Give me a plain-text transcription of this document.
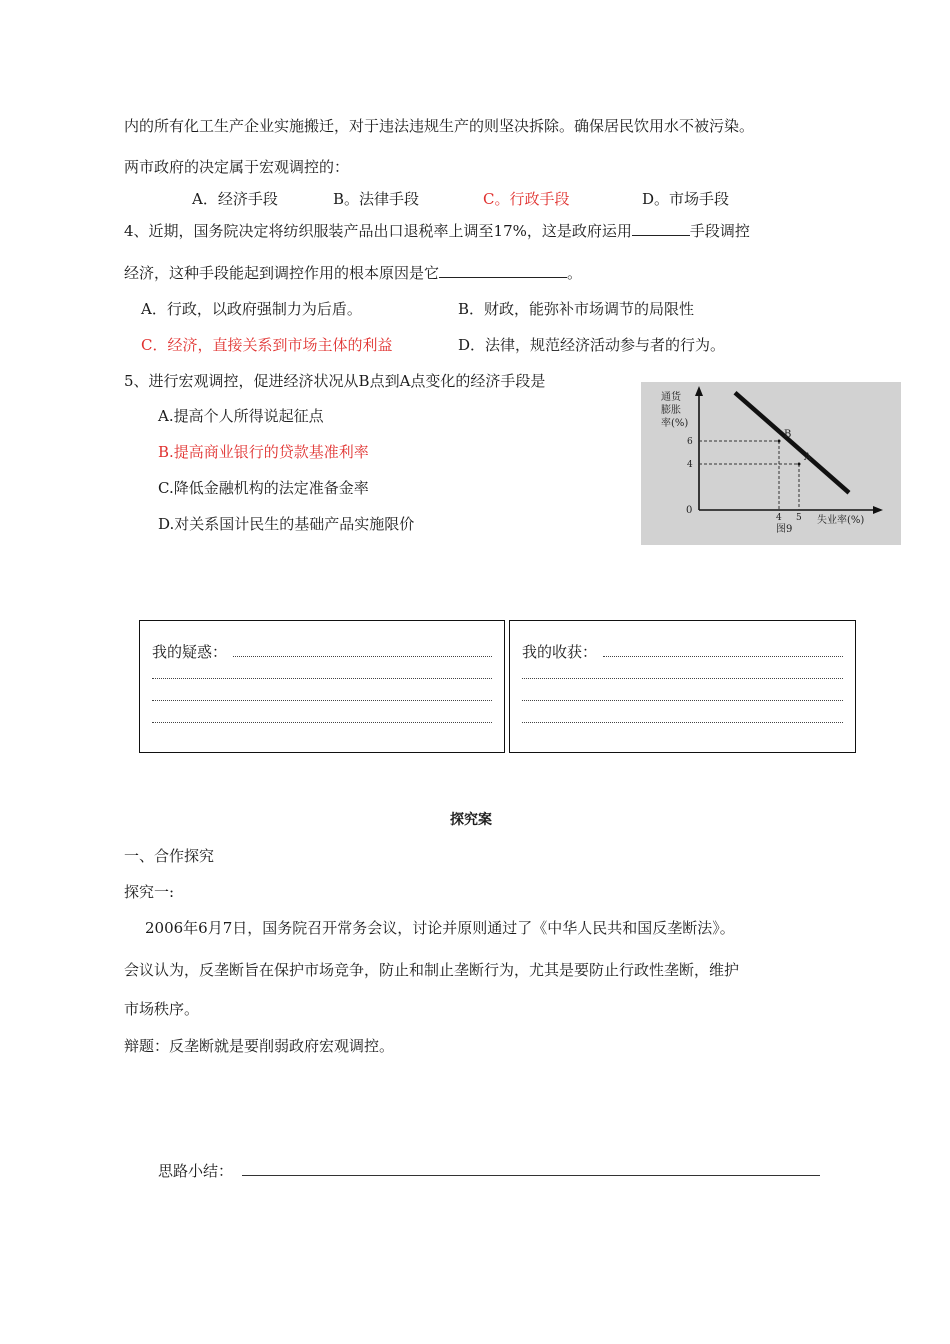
内的所有化工生产企业实施搬迁，对于违法违规生产的则坚决拆除。确保居民饮用水不被污染。
两市政府的决定属于宏观调控的：
A．经济手段	B。法律手段	C。行政手段	D。市场手段
4、近期，国务院决定将纺织服装产品出口退税率上调至17%，这是政府运用	手段调控
经济，这种手段能起到调控作用的根本原因是它	。
A．行政，以政府强制力为后盾。	B．财政，能弥补市场调节的局限性
C．经济，直接关系到市场主体的利益	D．法律，规范经济活动参与者的行为。
5、进行宏观调控，促进经济状况从B点到A点变化的经济手段是
A.提高个人所得说起征点
B.提高商业银行的贷款基准利率
C.降低金融机构的法定准备金率
D.对关系国计民生的基础产品实施限价
通货
膨胀
率(%)
失业率(%)
图9
0
B
4
6
A
5
4
我的疑惑：	我的收获：
探究案
一、合作探究
探究一:
2006年6月7日，国务院召开常务会议，讨论并原则通过了《中华人民共和国反垄断法》。
会议认为，反垄断旨在保护市场竞争，防止和制止垄断行为，尤其是要防止行政性垄断，维护
市场秩序。
辩题：反垄断就是要削弱政府宏观调控。
思路小结：
